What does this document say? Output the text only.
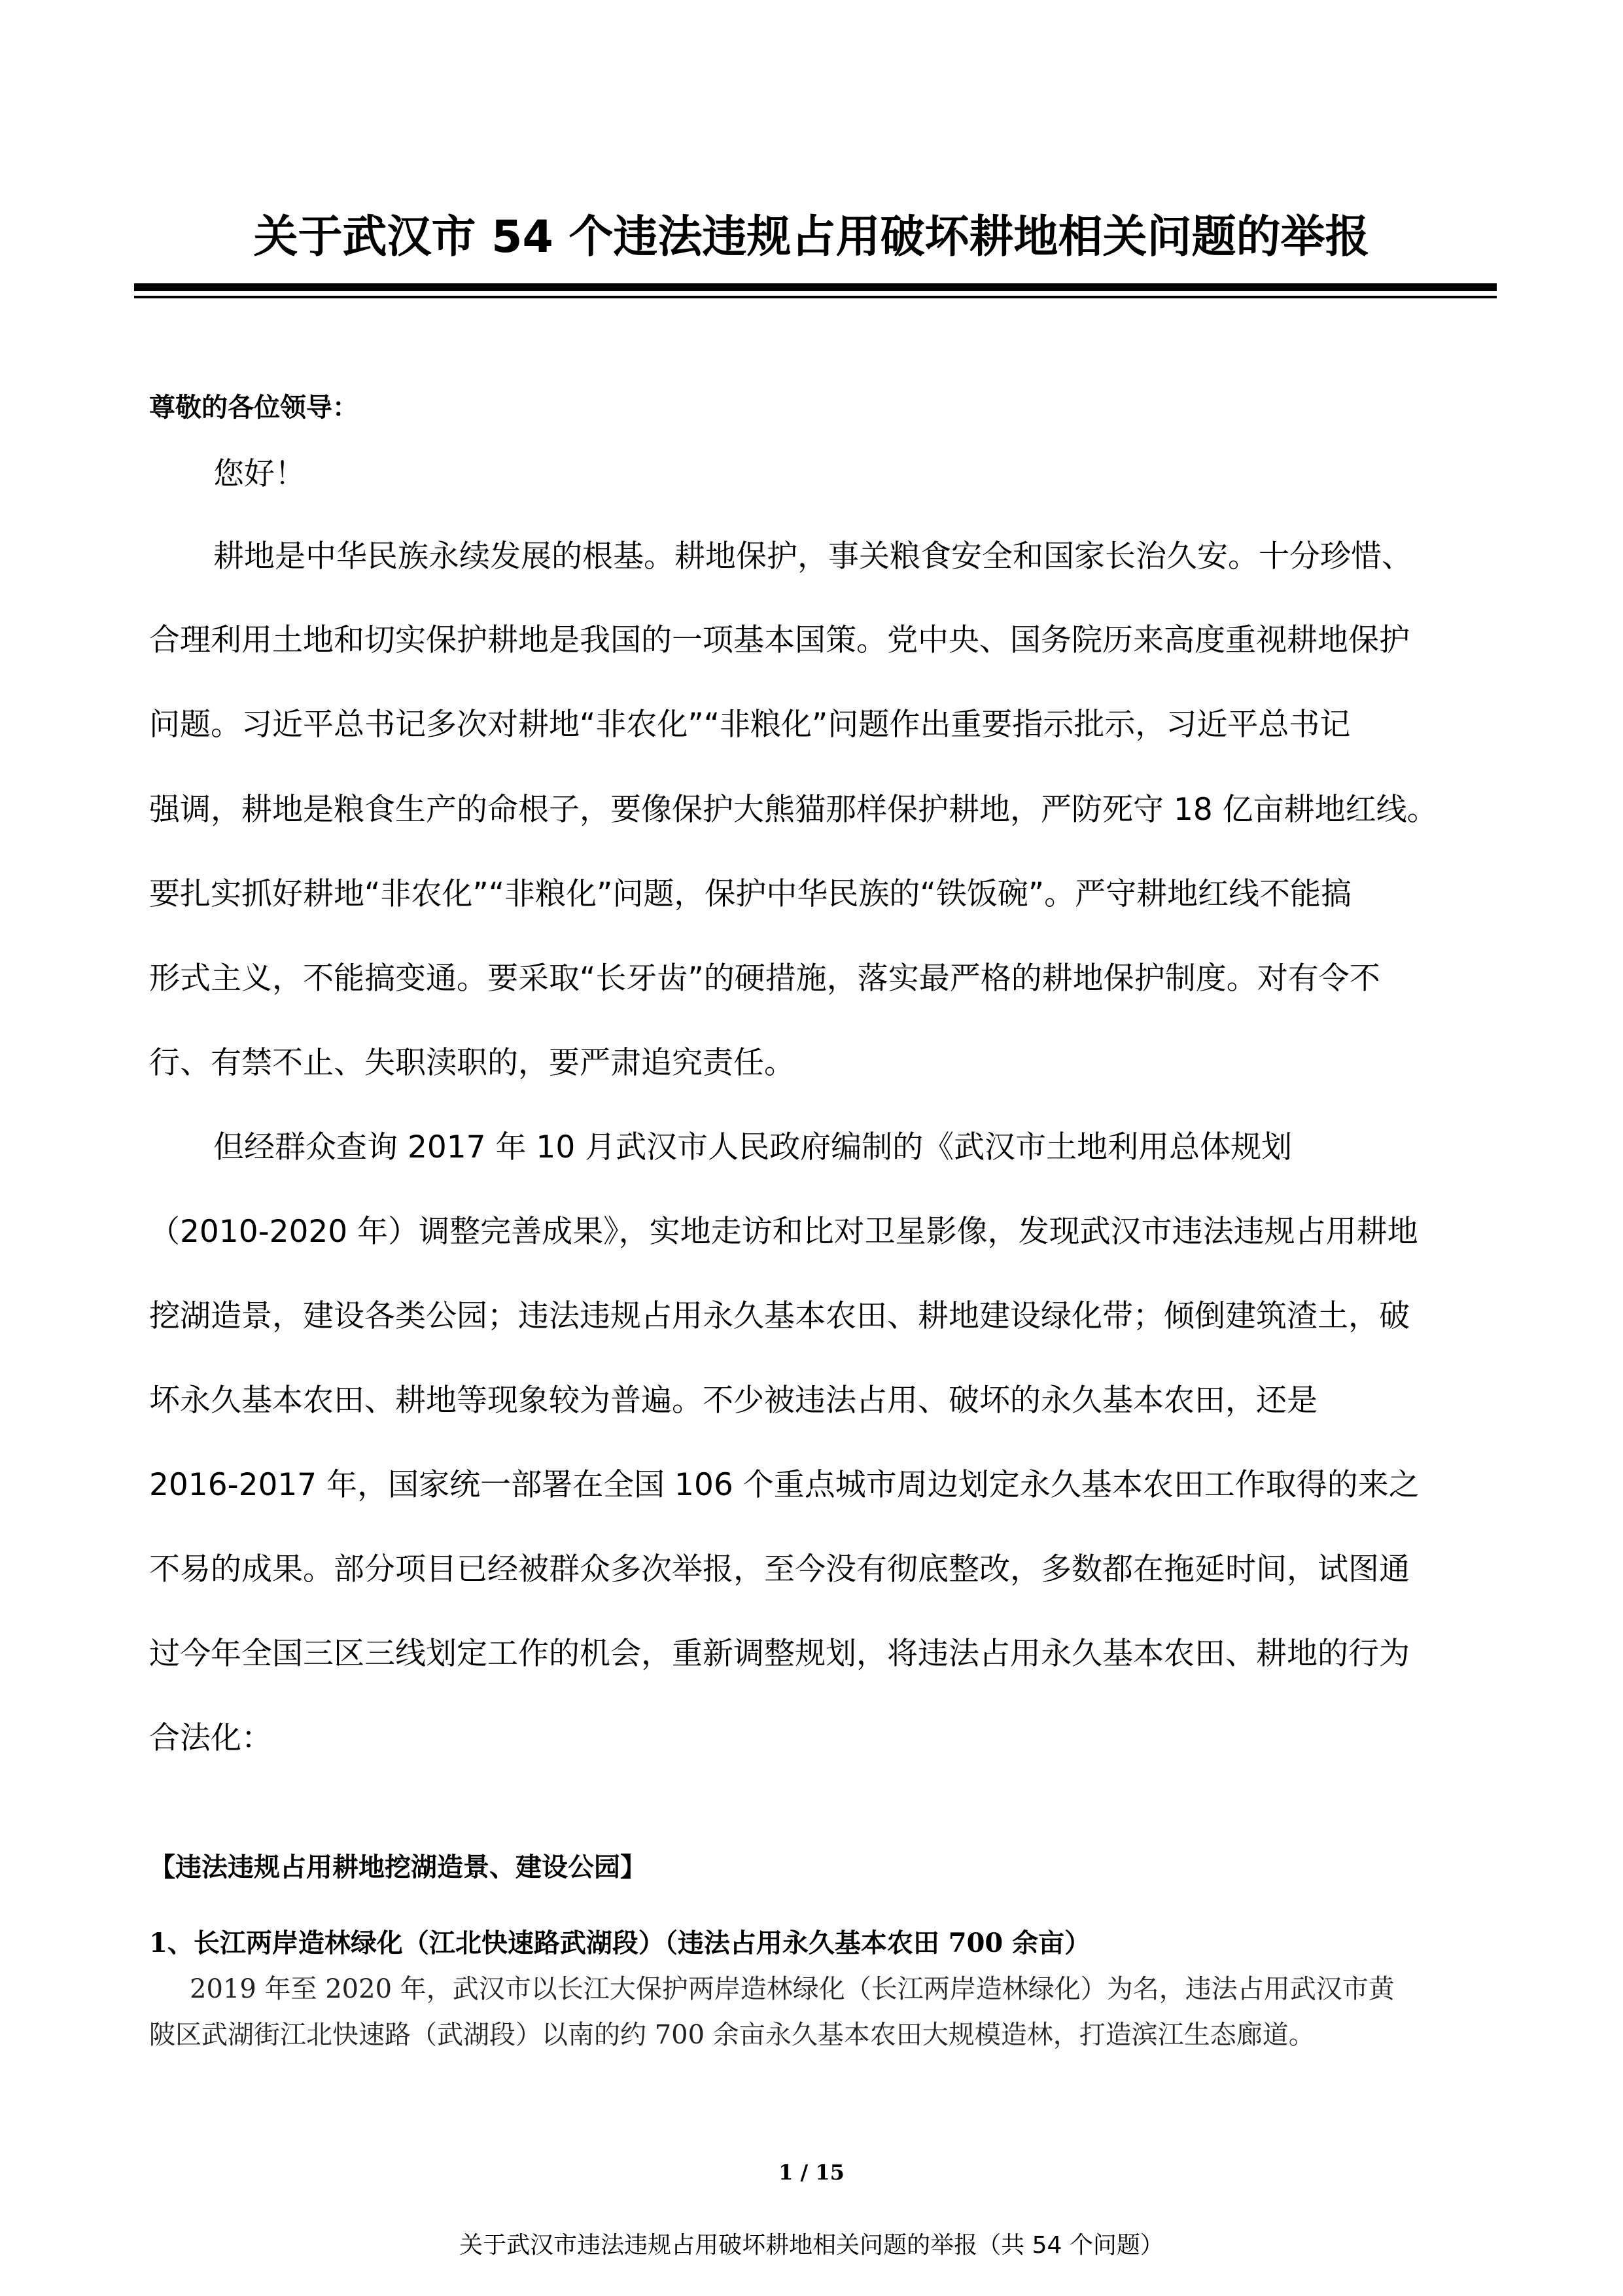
关于武汉市 54 个违法违规占用破坏耕地相关问题的举报
尊敬的各位领导：
您好！
耕地是中华民族永续发展的根基。耕地保护，事关粮食安全和国家长治久安。十分珍惜、
合理利用土地和切实保护耕地是我国的一项基本国策。党中央、国务院历来高度重视耕地保护
问题。习近平总书记多次对耕地“非农化”“非粮化”问题作出重要指示批示，习近平总书记
强调，耕地是粮食生产的命根子，要像保护大熊猫那样保护耕地，严防死守 18 亿亩耕地红线。
要扎实抓好耕地“非农化”“非粮化”问题，保护中华民族的“铁饭碗”。严守耕地红线不能搞
形式主义，不能搞变通。要采取“长牙齿”的硬措施，落实最严格的耕地保护制度。对有令不
行、有禁不止、失职渎职的，要严肃追究责任。
但经群众查询 2017 年 10 月武汉市人民政府编制的《武汉市土地利用总体规划
（2010-2020 年）调整完善成果》，实地走访和比对卫星影像，发现武汉市违法违规占用耕地
挖湖造景，建设各类公园；违法违规占用永久基本农田、耕地建设绿化带；倾倒建筑渣土，破
坏永久基本农田、耕地等现象较为普遍。不少被违法占用、破坏的永久基本农田，还是
2016-2017 年，国家统一部署在全国 106 个重点城市周边划定永久基本农田工作取得的来之
不易的成果。部分项目已经被群众多次举报，至今没有彻底整改，多数都在拖延时间，试图通
过今年全国三区三线划定工作的机会，重新调整规划，将违法占用永久基本农田、耕地的行为
合法化：
【违法违规占用耕地挖湖造景、建设公园】
1、长江两岸造林绿化（江北快速路武湖段）（违法占用永久基本农田 700 余亩）
2019 年至 2020 年，武汉市以长江大保护两岸造林绿化（长江两岸造林绿化）为名，违法占用武汉市黄
陂区武湖街江北快速路（武湖段）以南的约 700 余亩永久基本农田大规模造林，打造滨江生态廊道。
1 / 15
关于武汉市违法违规占用破坏耕地相关问题的举报（共 54 个问题）
